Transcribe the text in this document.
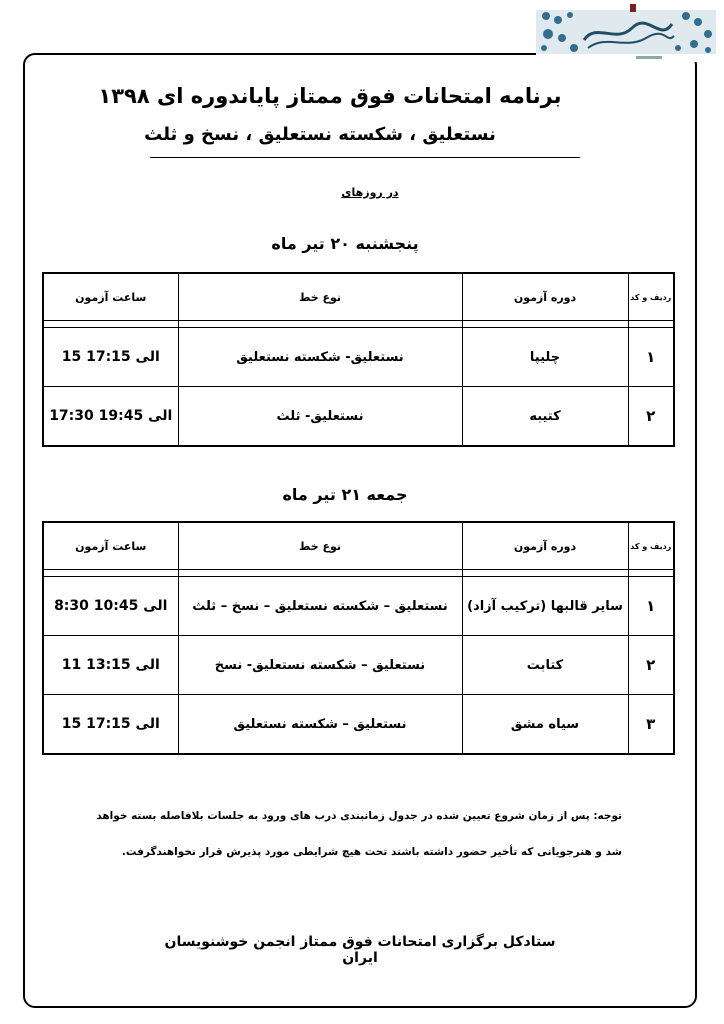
برنامه امتحانات فوق ممتاز پایاندوره ای ۱۳۹۸
نستعلیق ، شکسته نستعلیق ، نسخ و ثلث
در روزهای
پنجشنبه ۲۰ تیر ماه
ردیف و کد	دوره آزمون	نوع خط	ساعت آزمون

۱	چلیپا	نستعلیق- شکسته نستعلیق	15 الی 17:15
۲	کتیبه	نستعلیق- ثلث	17:30 الی 19:45
جمعه ۲۱ تیر ماه
ردیف و کد	دوره آزمون	نوع خط	ساعت آزمون

۱	سایر قالبها (ترکیب آزاد)	نستعلیق – شکسته نستعلیق – نسخ – ثلث	8:30 الی 10:45
۲	کتابت	نستعلیق – شکسته نستعلیق- نسخ	11 الی 13:15
۳	سیاه مشق	نستعلیق – شکسته نستعلیق	15 الی 17:15
توجه: پس از زمان شروع تعیین شده در جدول زمانبندی درب های ورود به جلسات بلافاصله بسته خواهد
شد و هنرجویانی که تأخیر حضور داشته باشند تحت هیچ شرایطی مورد پذیرش قرار نخواهندگرفت.
ستادکل برگزاری امتحانات فوق ممتاز انجمن خوشنویسان ایران
